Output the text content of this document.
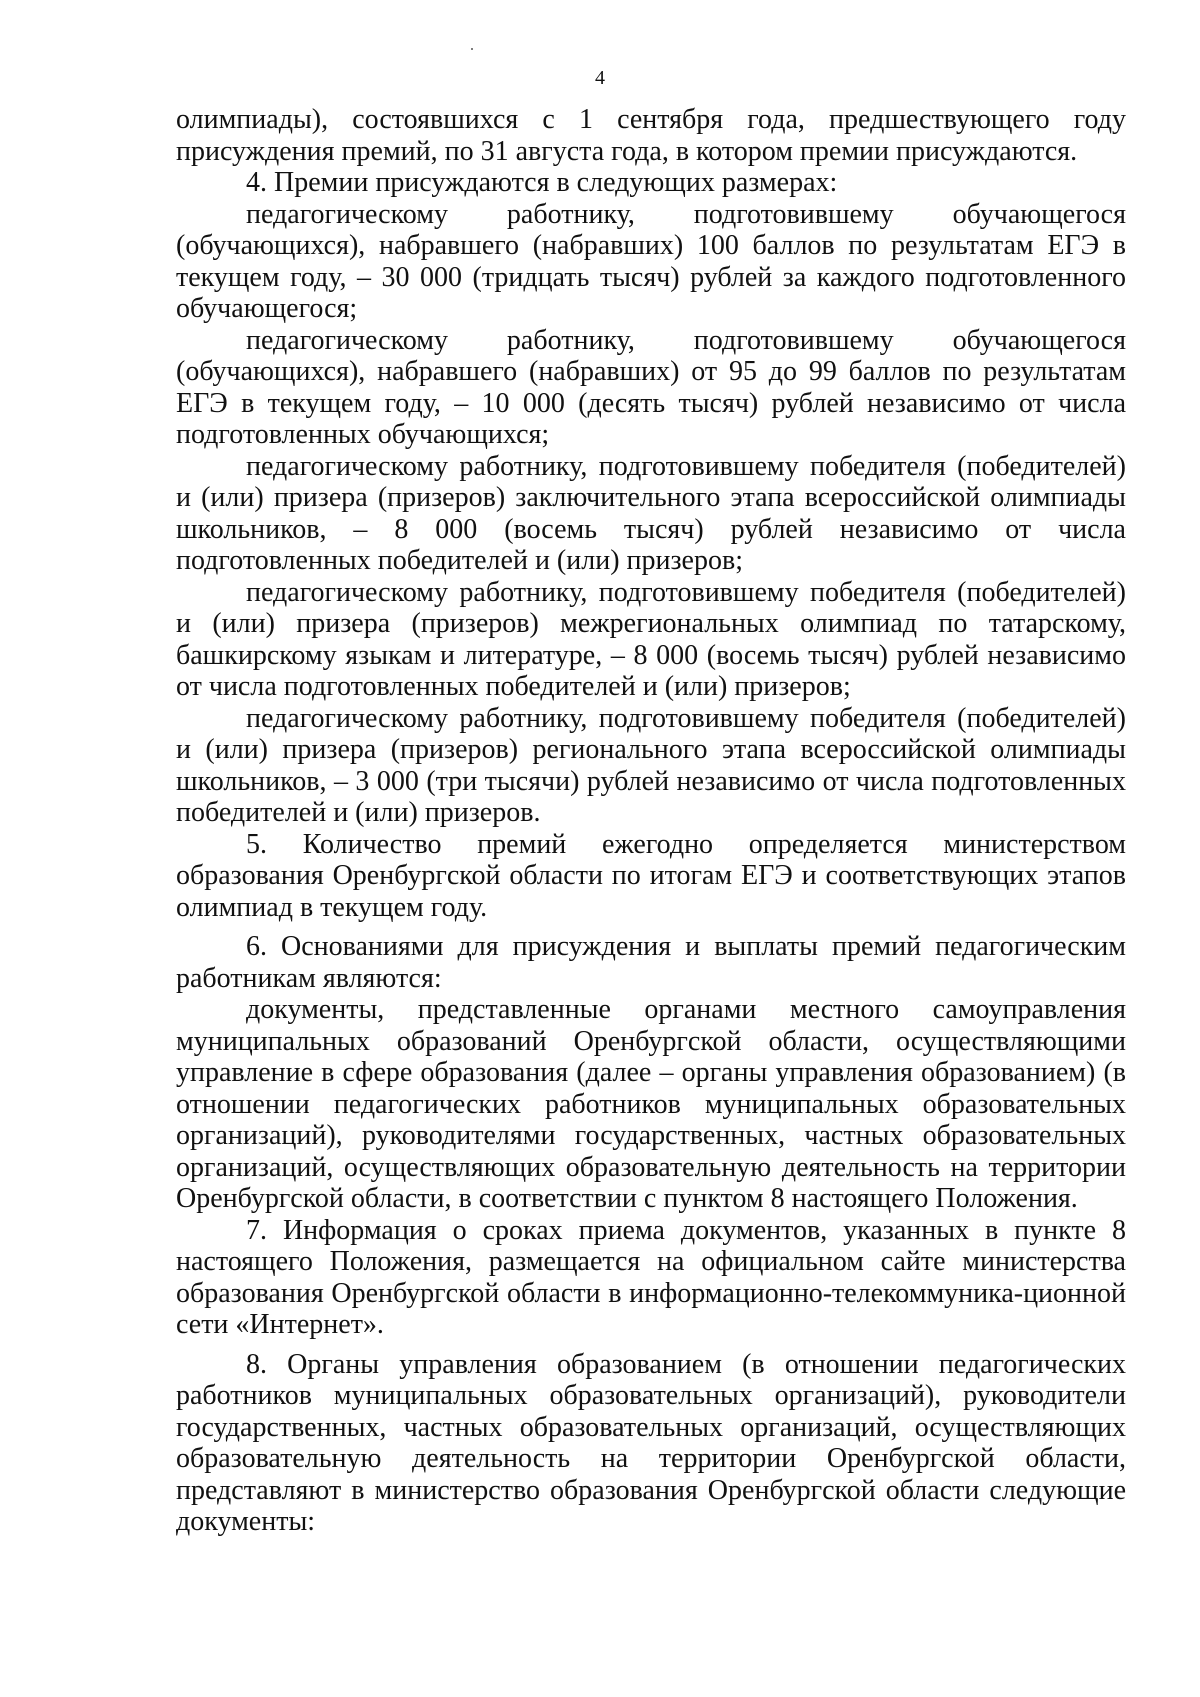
4

олимпиады), состоявшихся с 1 сентября года, предшествующего году присуждения премий, по 31 августа года, в котором премии присуждаются.

4. Премии присуждаются в следующих размерах:

педагогическому работнику, подготовившему обучающегося (обучающихся), набравшего (набравших) 100 баллов по результатам ЕГЭ в текущем году, – 30 000 (тридцать тысяч) рублей за каждого подготовленного обучающегося;

педагогическому работнику, подготовившему обучающегося (обучающихся), набравшего (набравших) от 95 до 99 баллов по результатам ЕГЭ в текущем году, – 10 000 (десять тысяч) рублей независимо от числа подготовленных обучающихся;

педагогическому работнику, подготовившему победителя (победителей) и (или) призера (призеров) заключительного этапа всероссийской олимпиады школьников, – 8 000 (восемь тысяч) рублей независимо от числа подготовленных победителей и (или) призеров;

педагогическому работнику, подготовившему победителя (победителей) и (или) призера (призеров) межрегиональных олимпиад по татарскому, башкирскому языкам и литературе, – 8 000 (восемь тысяч) рублей независимо от числа подготовленных победителей и (или) призеров;

педагогическому работнику, подготовившему победителя (победителей) и (или) призера (призеров) регионального этапа всероссийской олимпиады школьников, – 3 000 (три тысячи) рублей независимо от числа подготовленных победителей и (или) призеров.

5. Количество премий ежегодно определяется министерством образования Оренбургской области по итогам ЕГЭ и соответствующих этапов олимпиад в текущем году.

6. Основаниями для присуждения и выплаты премий педагогическим работникам являются:

документы, представленные органами местного самоуправления муниципальных образований Оренбургской области, осуществляющими управление в сфере образования (далее – органы управления образованием) (в отношении педагогических работников муниципальных образовательных организаций), руководителями государственных, частных образовательных организаций, осуществляющих образовательную деятельность на территории Оренбургской области, в соответствии с пунктом 8 настоящего Положения.

7. Информация о сроках приема документов, указанных в пункте 8 настоящего Положения, размещается на официальном сайте министерства образования Оренбургской области в информационно-телекоммуника-ционной сети «Интернет».

8. Органы управления образованием (в отношении педагогических работников муниципальных образовательных организаций), руководители государственных, частных образовательных организаций, осуществляющих образовательную деятельность на территории Оренбургской области, представляют в министерство образования Оренбургской области следующие документы:
